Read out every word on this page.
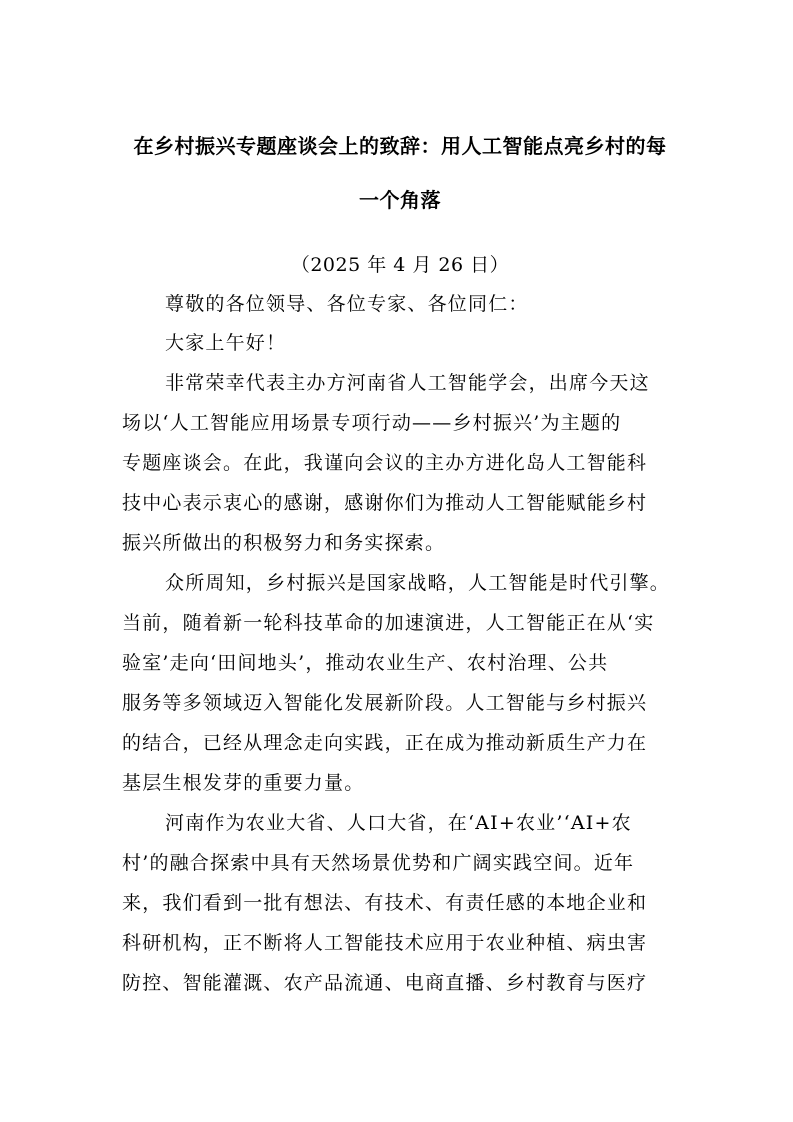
在乡村振兴专题座谈会上的致辞：用人工智能点亮乡村的每
一个角落
（2025 年 4 月 26 日）
尊敬的各位领导、各位专家、各位同仁：
大家上午好！
非常荣幸代表主办方河南省人工智能学会，出席今天这
场以‘人工智能应用场景专项行动——乡村振兴’为主题的
专题座谈会。在此，我谨向会议的主办方进化岛人工智能科
技中心表示衷心的感谢，感谢你们为推动人工智能赋能乡村
振兴所做出的积极努力和务实探索。
众所周知，乡村振兴是国家战略，人工智能是时代引擎。
当前，随着新一轮科技革命的加速演进，人工智能正在从‘实
验室’走向‘田间地头’，推动农业生产、农村治理、公共
服务等多领域迈入智能化发展新阶段。人工智能与乡村振兴
的结合，已经从理念走向实践，正在成为推动新质生产力在
基层生根发芽的重要力量。
河南作为农业大省、人口大省，在‘AI+农业’‘AI+农
村’的融合探索中具有天然场景优势和广阔实践空间。近年
来，我们看到一批有想法、有技术、有责任感的本地企业和
科研机构，正不断将人工智能技术应用于农业种植、病虫害
防控、智能灌溉、农产品流通、电商直播、乡村教育与医疗
